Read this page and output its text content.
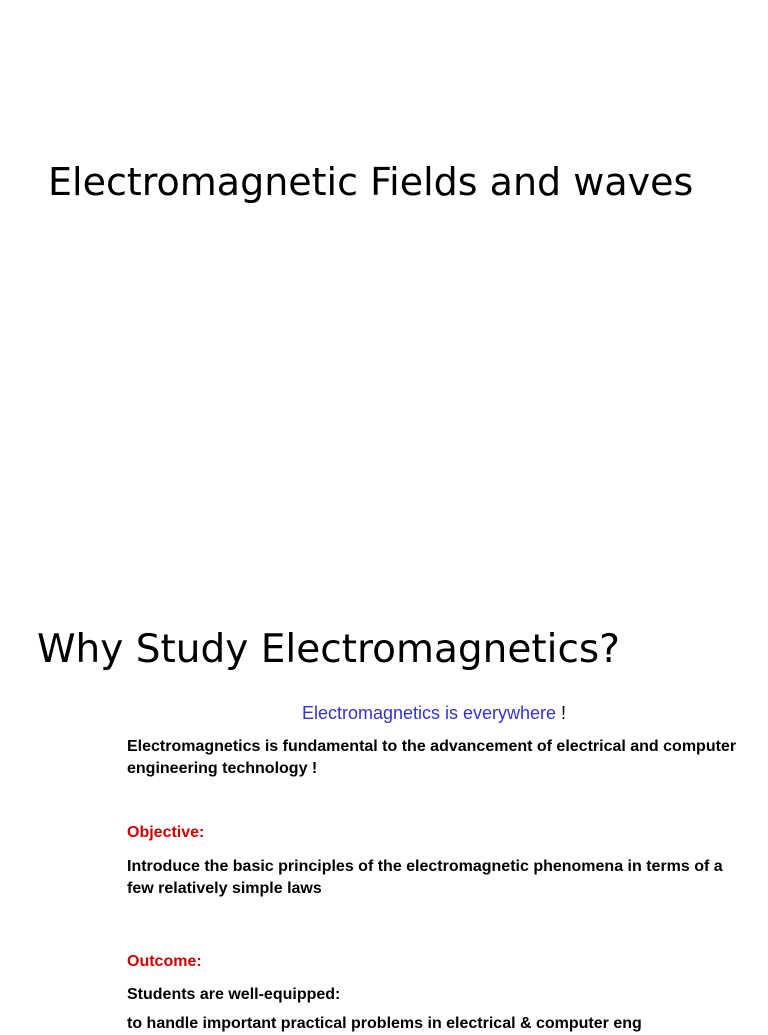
Electromagnetic Fields and waves
Why Study Electromagnetics?
Electromagnetics is everywhere !
Electromagnetics is fundamental to the advancement of electrical and computer engineering technology !
Objective:
Introduce the basic principles of the electromagnetic phenomena in terms of a few relatively simple laws
Outcome:
Students are well-equipped:
to handle important practical problems in electrical & computer eng
